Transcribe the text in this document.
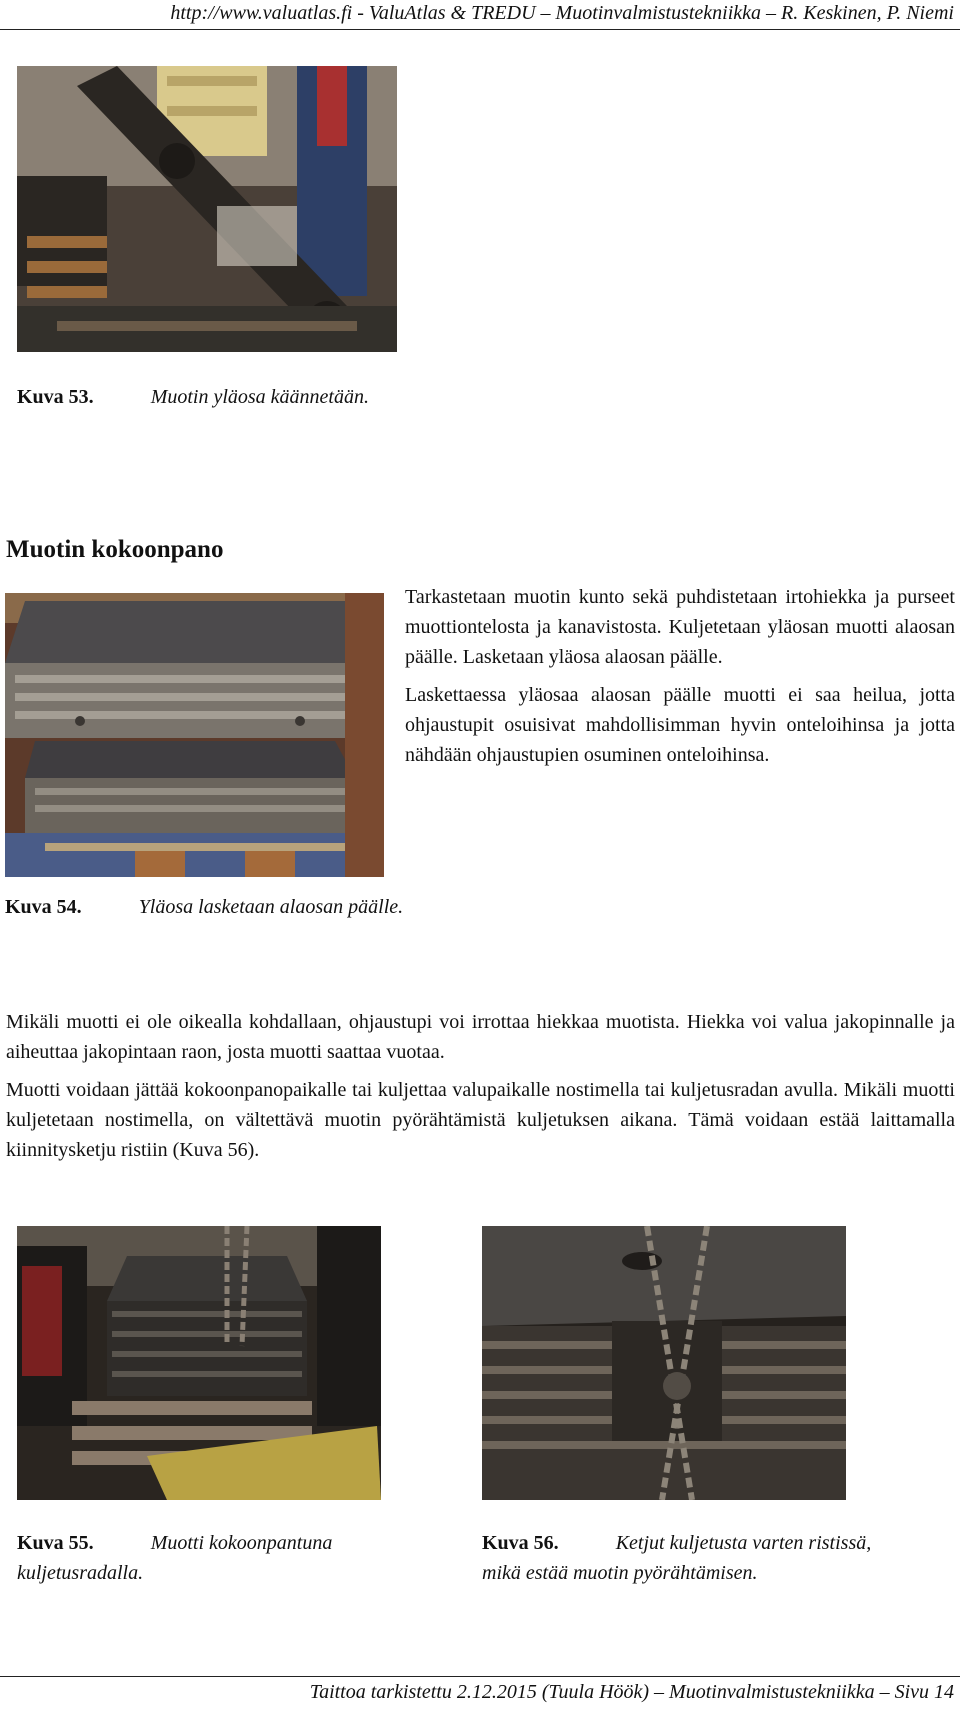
http://www.valuatlas.fi - ValuAtlas & TREDU – Muotinvalmistustekniikka – R. Keskinen, P. Niemi
Kuva 53.	Muotin yläosa käännetään.
Muotin kokoonpano

Tarkastetaan muotin kunto sekä puhdistetaan irtohiekka ja purseet muottiontelosta ja kanavistosta. Kuljetetaan yläosan muotti alaosan päälle. Lasketaan yläosa alaosan päälle.

Laskettaessa yläosaa alaosan päälle muotti ei saa heilua, jotta ohjaustupit osuisivat mahdollisimman hyvin onteloihinsa ja jotta nähdään ohjaustupien osuminen onteloihinsa.

Kuva 54.	Yläosa lasketaan alaosan päälle.

Mikäli muotti ei ole oikealla kohdallaan, ohjaustupi voi irrottaa hiekkaa muotista. Hiekka voi valua jakopinnalle ja aiheuttaa jakopintaan raon, josta muotti saattaa vuotaa.

Muotti voidaan jättää kokoonpanopaikalle tai kuljettaa valupaikalle nostimella tai kuljetusradan avulla. Mikäli muotti kuljetetaan nostimella, on vältettävä muotin pyörähtämistä kuljetuksen aikana. Tämä voidaan estää laittamalla kiinnitysketju ristiin (Kuva 56).

Kuva 55.	Muotti kokoonpantuna
kuljetusradalla.
Kuva 56.	Ketjut kuljetusta varten ristissä,
mikä estää muotin pyörähtämisen.
Taittoa tarkistettu 2.12.2015 (Tuula Höök) – Muotinvalmistustekniikka – Sivu 14
